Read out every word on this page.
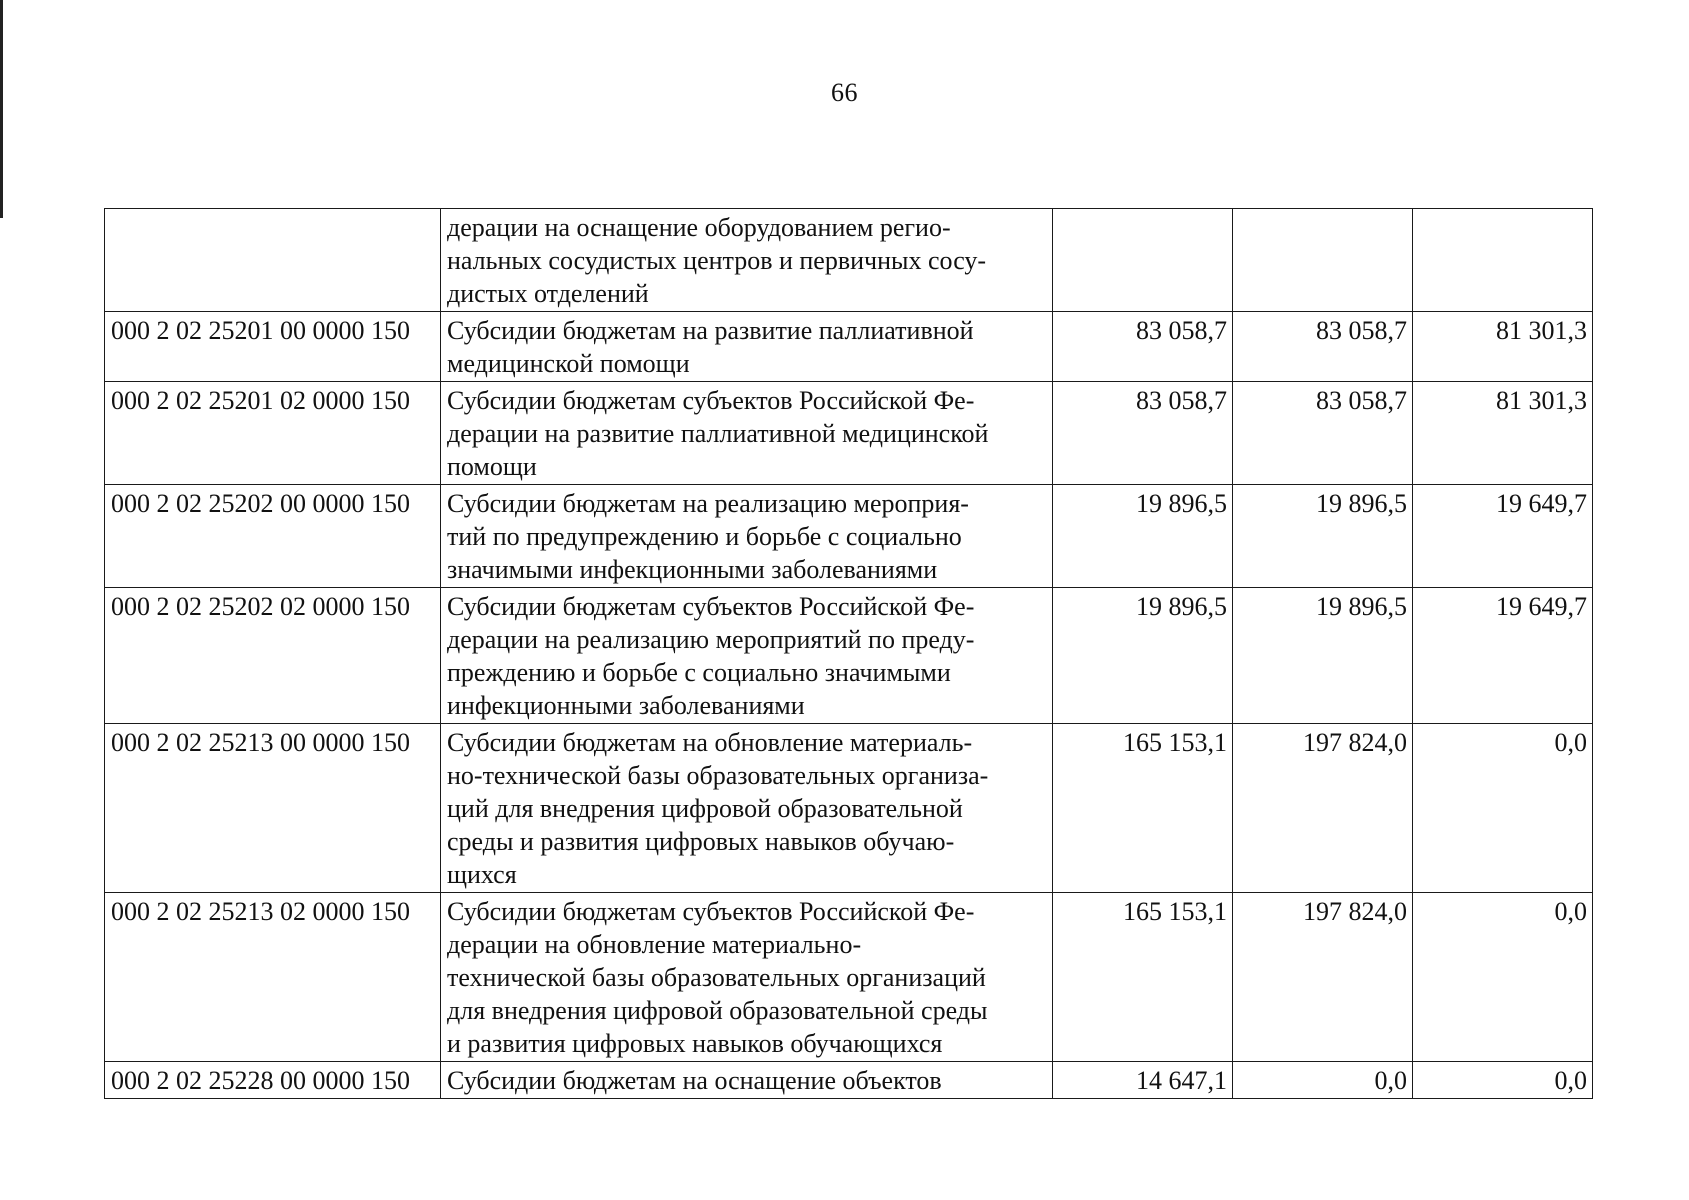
66

	дерации на оснащение оборудованием регио-
нальных сосудистых центров и первичных сосу-
дистых отделений			

000 2 02 25201 00 0000 150	Субсидии бюджетам на развитие паллиативной
медицинской помощи	83 058,7	83 058,7	81 301,3
000 2 02 25201 02 0000 150	Субсидии бюджетам субъектов Российской Фе-
дерации на развитие паллиативной медицинской
помощи	83 058,7	83 058,7	81 301,3
000 2 02 25202 00 0000 150	Субсидии бюджетам на реализацию мероприя-
тий по предупреждению и борьбе с социально
значимыми инфекционными заболеваниями	19 896,5	19 896,5	19 649,7
000 2 02 25202 02 0000 150	Субсидии бюджетам субъектов Российской Фе-
дерации на реализацию мероприятий по преду-
преждению и борьбе с социально значимыми
инфекционными заболеваниями	19 896,5	19 896,5	19 649,7
000 2 02 25213 00 0000 150	Субсидии бюджетам на обновление материаль-
но-технической базы образовательных организа-
ций для внедрения цифровой образовательной
среды и развития цифровых навыков обучаю-
щихся	165 153,1	197 824,0	0,0
000 2 02 25213 02 0000 150	Субсидии бюджетам субъектов Российской Фе-
дерации на обновление материально-
технической базы образовательных организаций
для внедрения цифровой образовательной среды
и развития цифровых навыков обучающихся	165 153,1	197 824,0	0,0
000 2 02 25228 00 0000 150	Субсидии бюджетам на оснащение объектов	14 647,1	0,0	0,0
